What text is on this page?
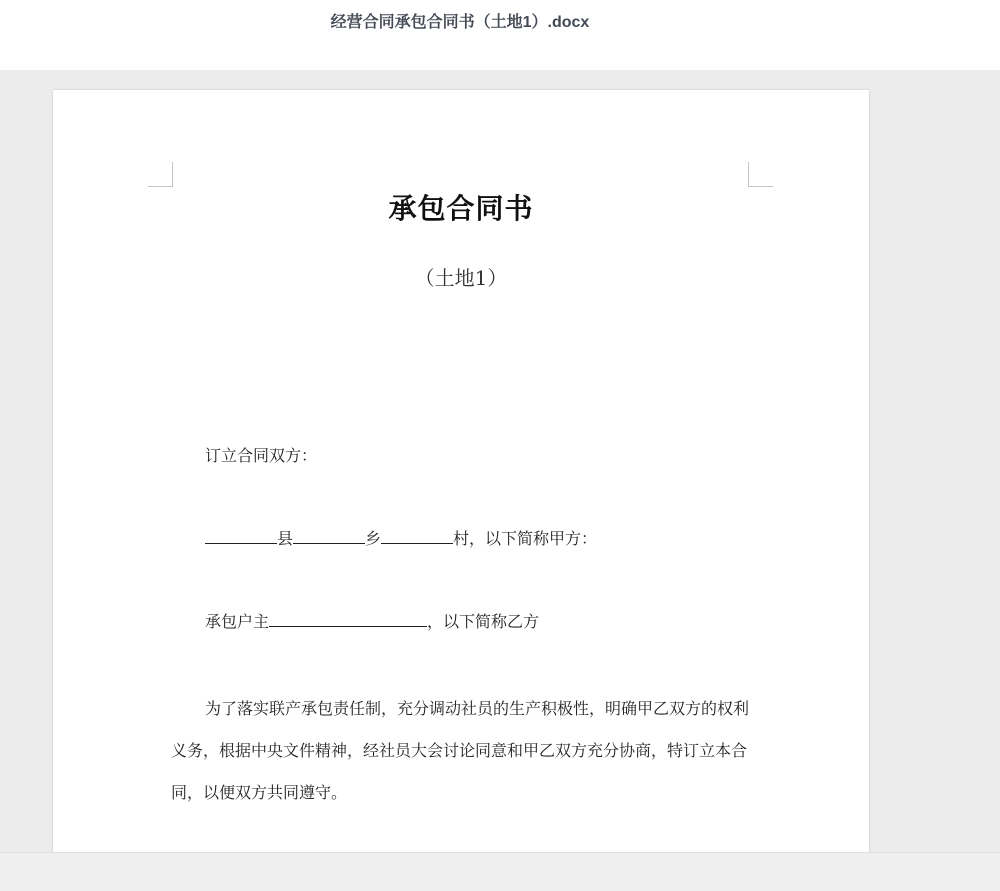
经营合同承包合同书（土地1）.docx
承包合同书
（土地1）
订立合同双方：
县	乡	村，以下简称甲方：
承包户主	，以下简称乙方
为了落实联产承包责任制，充分调动社员的生产积极性，明确甲乙双方的权利
义务，根据中央文件精神，经社员大会讨论同意和甲乙双方充分协商，特订立本合
同，以便双方共同遵守。
